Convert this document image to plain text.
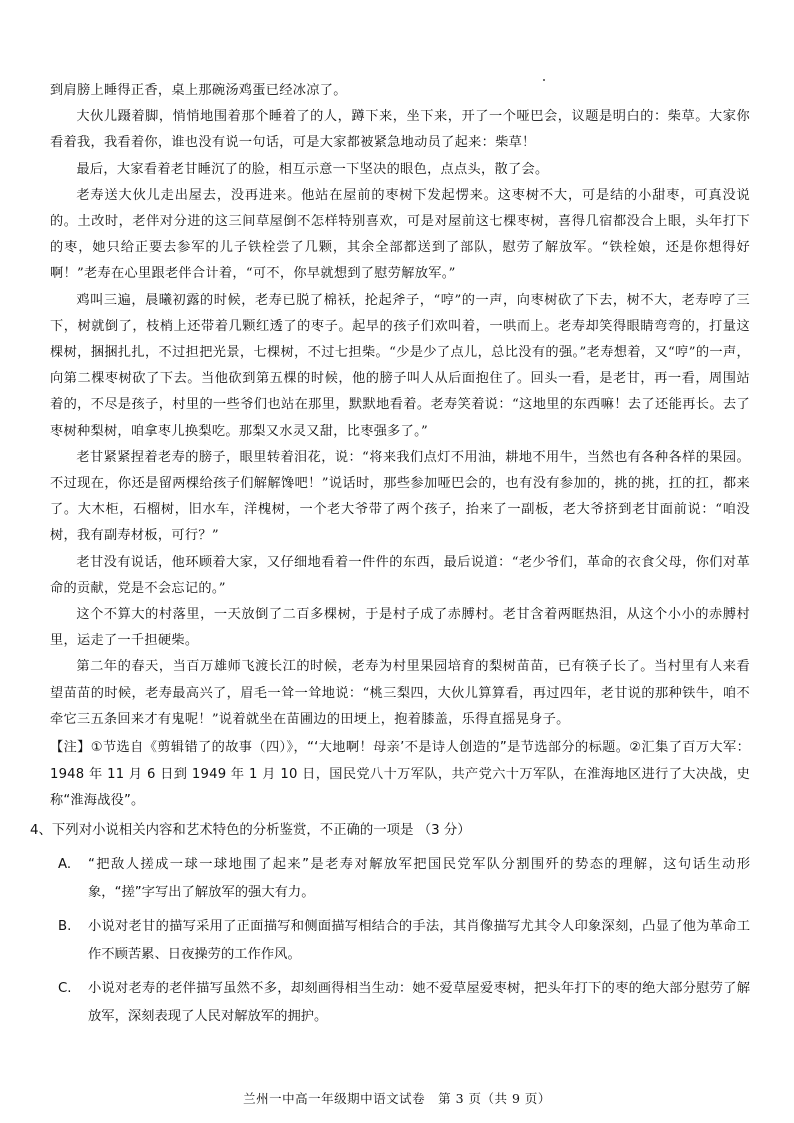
到肩膀上睡得正香，桌上那碗汤鸡蛋已经冰凉了。

大伙儿蹑着脚，悄悄地围着那个睡着了的人，蹲下来，坐下来，开了一个哑巴会，议题是明白的：柴草。大家你看着我，我看着你，谁也没有说一句话，可是大家都被紧急地动员了起来：柴草！

最后，大家看着老甘睡沉了的脸，相互示意一下坚决的眼色，点点头，散了会。

老寿送大伙儿走出屋去，没再进来。他站在屋前的枣树下发起愣来。这枣树不大，可是结的小甜枣，可真没说的。土改时，老伴对分进的这三间草屋倒不怎样特别喜欢，可是对屋前这七棵枣树，喜得几宿都没合上眼，头年打下的枣，她只给正要去参军的儿子铁栓尝了几颗，其余全部都送到了部队，慰劳了解放军。“铁栓娘，还是你想得好啊！”老寿在心里跟老伴合计着，“可不，你早就想到了慰劳解放军。”

鸡叫三遍，晨曦初露的时候，老寿已脱了棉袄，抡起斧子，“哼”的一声，向枣树砍了下去，树不大，老寿哼了三下，树就倒了，枝梢上还带着几颗红透了的枣子。起早的孩子们欢叫着，一哄而上。老寿却笑得眼睛弯弯的，打量这棵树，捆捆扎扎，不过担把光景，七棵树，不过七担柴。“少是少了点儿，总比没有的强。”老寿想着，又“哼”的一声，向第二棵枣树砍了下去。当他砍到第五棵的时候，他的膀子叫人从后面抱住了。回头一看，是老甘，再一看，周围站着的，不尽是孩子，村里的一些爷们也站在那里，默默地看着。老寿笑着说：“这地里的东西嘛！去了还能再长。去了枣树种梨树，咱拿枣儿换梨吃。那梨又水灵又甜，比枣强多了。”

老甘紧紧捏着老寿的膀子，眼里转着泪花，说：“将来我们点灯不用油，耕地不用牛，当然也有各种各样的果园。不过现在，你还是留两棵给孩子们解解馋吧！”说话时，那些参加哑巴会的，也有没有参加的，挑的挑，扛的扛，都来了。大木柜，石榴树，旧水车，洋槐树，一个老大爷带了两个孩子，抬来了一副板，老大爷挤到老甘面前说：“咱没树，我有副寿材板，可行？”

老甘没有说话，他环顾着大家，又仔细地看着一件件的东西，最后说道：“老少爷们，革命的衣食父母，你们对革命的贡献，党是不会忘记的。”

这个不算大的村落里，一天放倒了二百多棵树，于是村子成了赤膊村。老甘含着两眶热泪，从这个小小的赤膊村里，运走了一千担硬柴。

第二年的春天，当百万雄师飞渡长江的时候，老寿为村里果园培育的梨树苗苗，已有筷子长了。当村里有人来看望苗苗的时候，老寿最高兴了，眉毛一耸一耸地说：“桃三梨四，大伙儿算算看，再过四年，老甘说的那种铁牛，咱不牵它三五条回来才有鬼呢！”说着就坐在苗圃边的田埂上，抱着膝盖，乐得直摇晃身子。

【注】①节选自《剪辑错了的故事（四）》，“‘大地啊！母亲’不是诗人创造的”是节选部分的标题。②汇集了百万大军：1948 年 11 月 6 日到 1949 年 1 月 10 日，国民党八十万军队，共产党六十万军队，在淮海地区进行了大决战，史称“淮海战役”。

4、下列对小说相关内容和艺术特色的分析鉴赏，不正确的一项是 （3 分）

A.	“把敌人搓成一球一球地围了起来”是老寿对解放军把国民党军队分割围歼的势态的理解，这句话生动形象，“搓”字写出了解放军的强大有力。
B.	小说对老甘的描写采用了正面描写和侧面描写相结合的手法，其肖像描写尤其令人印象深刻，凸显了他为革命工作不顾苦累、日夜操劳的工作作风。
C.	小说对老寿的老伴描写虽然不多，却刻画得相当生动：她不爱草屋爱枣树，把头年打下的枣的绝大部分慰劳了解放军，深刻表现了人民对解放军的拥护。
兰州一中高一年级期中语文试卷　第 3 页（共 9 页）
